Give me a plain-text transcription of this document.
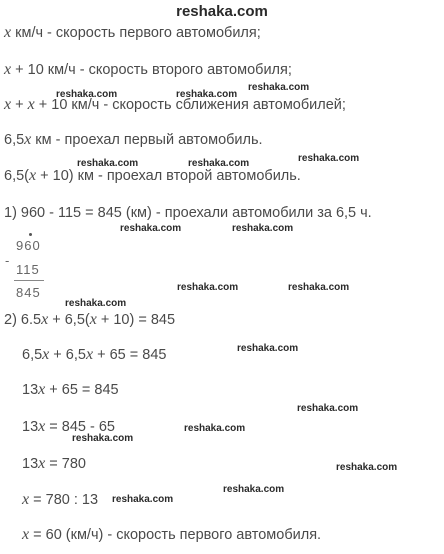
reshaka.com
x км/ч - скорость первого автомобиля;
x + 10 км/ч - скорость второго автомобиля;
x + x + 10 км/ч - скорость сближения автомобилей;
6,5x км - проехал первый автомобиль.
6,5(x + 10) км - проехал второй автомобиль.
1) 960 - 115 = 845 (км) - проехали автомобили за 6,5 ч.
960
-
115
845
2) 6.5x + 6,5(x + 10) = 845
6,5x + 6,5x + 65 = 845
13x + 65 = 845
13x = 845 - 65
13x = 780
x = 780 : 13
x = 60 (км/ч) - скорость первого автомобиля.
reshaka.com
reshaka.com	reshaka.com
reshaka.com
reshaka.com	reshaka.com
reshaka.com	reshaka.com
reshaka.com	reshaka.com
reshaka.com
reshaka.com
reshaka.com
reshaka.com
reshaka.com
reshaka.com
reshaka.com
reshaka.com
